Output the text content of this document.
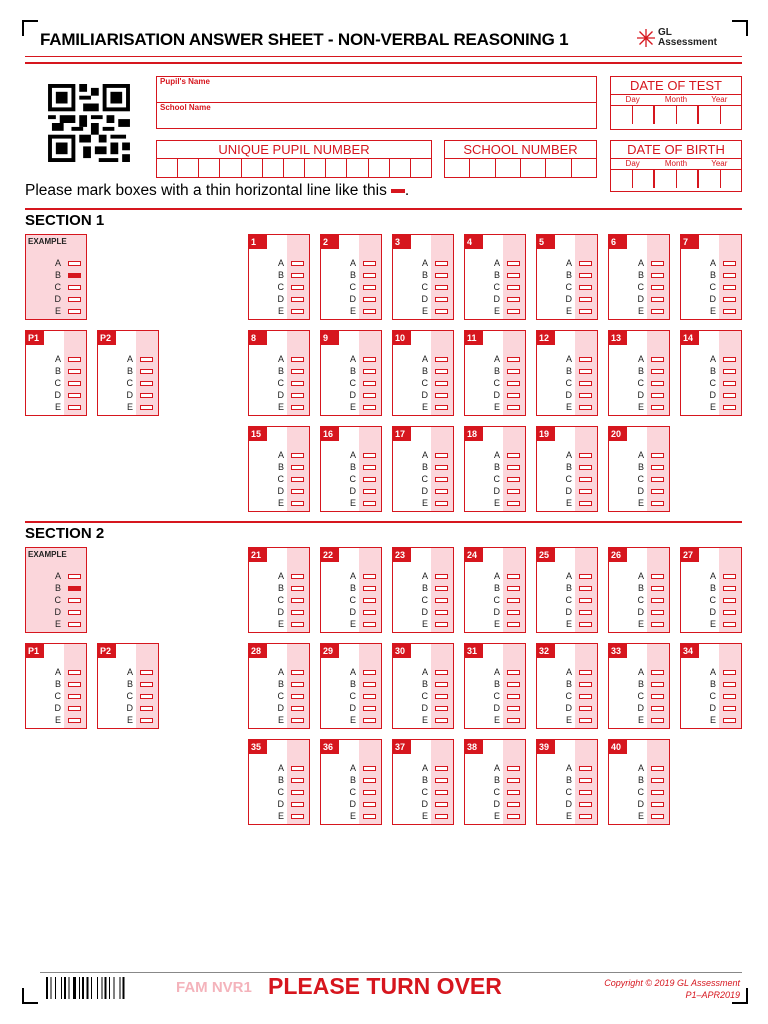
FAMILIARISATION ANSWER SHEET - NON-VERBAL REASONING 1	GL
Assessment
Pupil's Name
School Name
DATE OF TEST
Day	Month	Year
UNIQUE PUPIL NUMBER	SCHOOL NUMBER	DATE OF BIRTH
Day	Month	Year
Please mark boxes with a thin horizontal line like this .
SECTION 1
SECTION 2
EXAMPLE
A
B
C
D
E
P1
A
B
C
D
E
P2
A
B
C
D
E
1
A
B
C
D
E
2
A
B
C
D
E
3
A
B
C
D
E
4
A
B
C
D
E
5
A
B
C
D
E
6
A
B
C
D
E
7
A
B
C
D
E
8
A
B
C
D
E
9
A
B
C
D
E
10
A
B
C
D
E
11
A
B
C
D
E
12
A
B
C
D
E
13
A
B
C
D
E
14
A
B
C
D
E
15
A
B
C
D
E
16
A
B
C
D
E
17
A
B
C
D
E
18
A
B
C
D
E
19
A
B
C
D
E
20
A
B
C
D
E
EXAMPLE
A
B
C
D
E
P1
A
B
C
D
E
P2
A
B
C
D
E
21
A
B
C
D
E
22
A
B
C
D
E
23
A
B
C
D
E
24
A
B
C
D
E
25
A
B
C
D
E
26
A
B
C
D
E
27
A
B
C
D
E
28
A
B
C
D
E
29
A
B
C
D
E
30
A
B
C
D
E
31
A
B
C
D
E
32
A
B
C
D
E
33
A
B
C
D
E
34
A
B
C
D
E
35
A
B
C
D
E
36
A
B
C
D
E
37
A
B
C
D
E
38
A
B
C
D
E
39
A
B
C
D
E
40
A
B
C
D
E
FAM NVR1 PLEASE TURN OVER	Copyright © 2019 GL Assessment
P1–APR2019
